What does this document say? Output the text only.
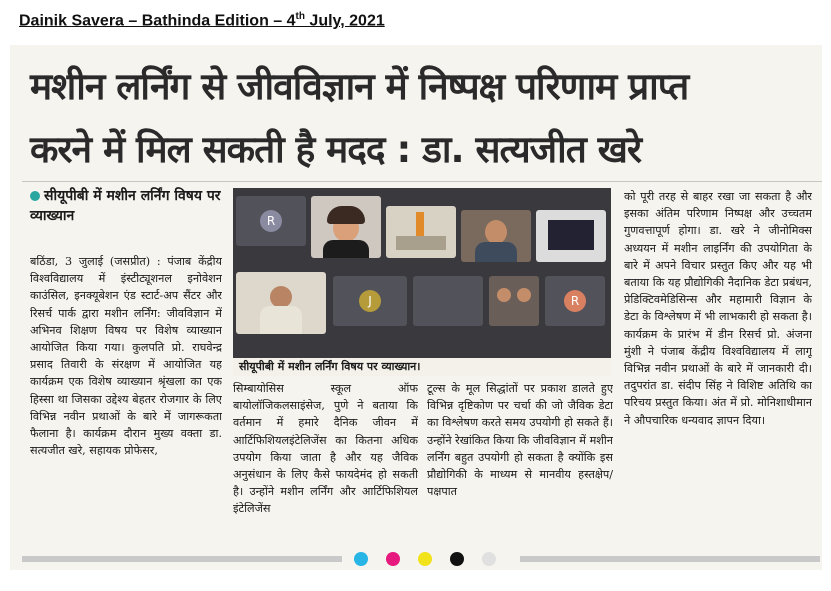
Dainik Savera – Bathinda Edition – 4th July, 2021
मशीन लर्निंग से जीवविज्ञान में निष्पक्ष परिणाम प्राप्त
करने में मिल सकती है मदद : डा. सत्यजीत खरे
सीयूपीबी में मशीन लर्निंग विषय पर व्याख्यान

बठिंडा, 3 जुलाई (जसप्रीत) : पंजाब केंद्रीय विश्वविद्यालय में इंस्टीट्यूशनल इनोवेशन काउंसिल, इनक्यूबेशन एंड स्टार्ट-अप सैंटर और रिसर्च पार्क द्वारा मशीन लर्निंग: जीवविज्ञान में अभिनव शिक्षण विषय पर विशेष व्याख्यान आयोजित किया गया। कुलपति प्रो. राघवेन्द्र प्रसाद तिवारी के संरक्षण में आयोजित यह कार्यक्रम एक विशेष व्याख्यान श्रृंखला का एक हिस्सा था जिसका उद्देश्य बेहतर रोजगार के लिए विभिन्न नवीन प्रथाओं के बारे में जागरूकता फैलाना है। कार्यक्रम दौरान मुख्य वक्ता डा. सत्यजीत खरे, सहायक प्रोफेसर,

सिम्बायोसिस स्कूल ऑफ बायोलॉजिकलसाइंसेज, पुणे ने बताया कि वर्तमान में हमारे दैनिक जीवन में आर्टिफिशियलइंटेलिजेंस का कितना अधिक उपयोग किया जाता है और यह जैविक अनुसंधान के लिए कैसे फायदेमंद हो सकती है। उन्होंने मशीन लर्निंग और आर्टिफिशियल इंटेलिजेंस

टूल्स के मूल सिद्धांतों पर प्रकाश डालते हुए विभिन्न दृष्टिकोण पर चर्चा की जो जैविक डेटा का विश्लेषण करते समय उपयोगी हो सकते हैं। उन्होंने रेखांकित किया कि जीवविज्ञान में मशीन लर्निंग बहुत उपयोगी हो सकता है क्योंकि इस प्रौद्योगिकी के माध्यम से मानवीय हस्तक्षेप/पक्षपात

को पूरी तरह से बाहर रखा जा सकता है और इसका अंतिम परिणाम निष्पक्ष और उच्चतम गुणवत्तापूर्ण होगा। डा. खरे ने जीनोमिक्स अध्ययन में मशीन लाइर्निंग की उपयोगिता के बारे में अपने विचार प्रस्तुत किए और यह भी बताया कि यह प्रौद्योगिकी नैदानिक डेटा प्रबंधन, प्रेडिक्टिवमेडिसिन्स और महामारी विज्ञान के डेटा के विश्लेषण में भी लाभकारी हो सकता है। कार्यक्रम के प्रारंभ में डीन रिसर्च प्रो. अंजना मुंशी ने पंजाब केंद्रीय विश्वविद्यालय में लागू विभिन्न नवीन प्रथाओं के बारे में जानकारी दी। तदुपरांत डा. संदीप सिंह ने विशिष्ट अतिथि का परिचय प्रस्तुत किया। अंत में प्रो. मोनिशाधीमान ने औपचारिक धन्यवाद ज्ञापन दिया।

R
J	R
सीयूपीबी में मशीन लर्निंग विषय पर व्याख्यान।
